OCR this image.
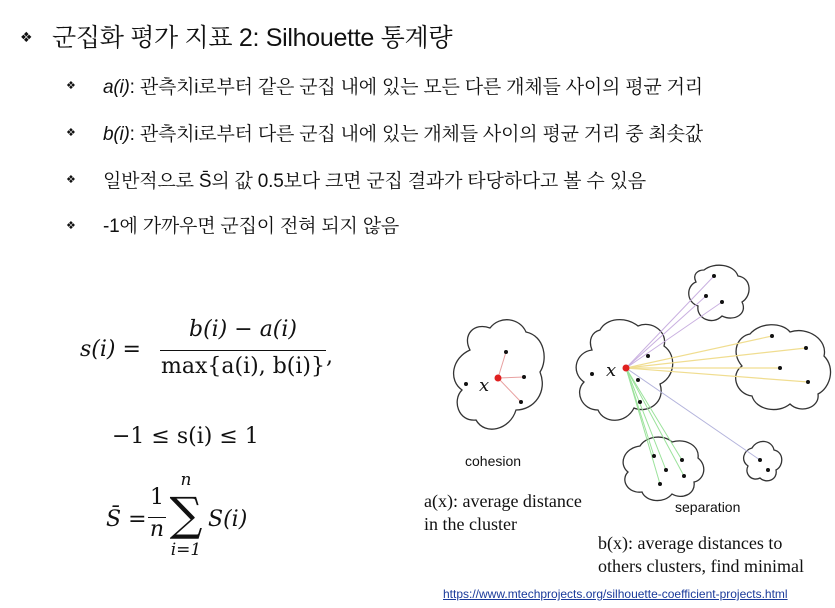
❖ 군집화 평가 지표 2: Silhouette 통계량
❖ a(i): 관측치i로부터 같은 군집 내에 있는 모든 다른 개체들 사이의 평균 거리
❖ b(i): 관측치i로부터 다른 군집 내에 있는 개체들 사이의 평균 거리 중 최솟값
❖ 일반적으로 S̄의 값 0.5보다 크면 군집 결과가 타당하다고 볼 수 있음
❖ -1에 가까우면 군집이 전혀 되지 않음
s(i) =
b(i) − a(i)
max{a(i), b(i)} ,
−1 ≤ s(i) ≤ 1
S̄ =
1
n
n
∑
i=1
S(i)
x
x
cohesion
separation
a(x): average distance
in the cluster
b(x): average distances to
others clusters, find minimal
https://www.mtechprojects.org/silhouette-coefficient-projects.html
